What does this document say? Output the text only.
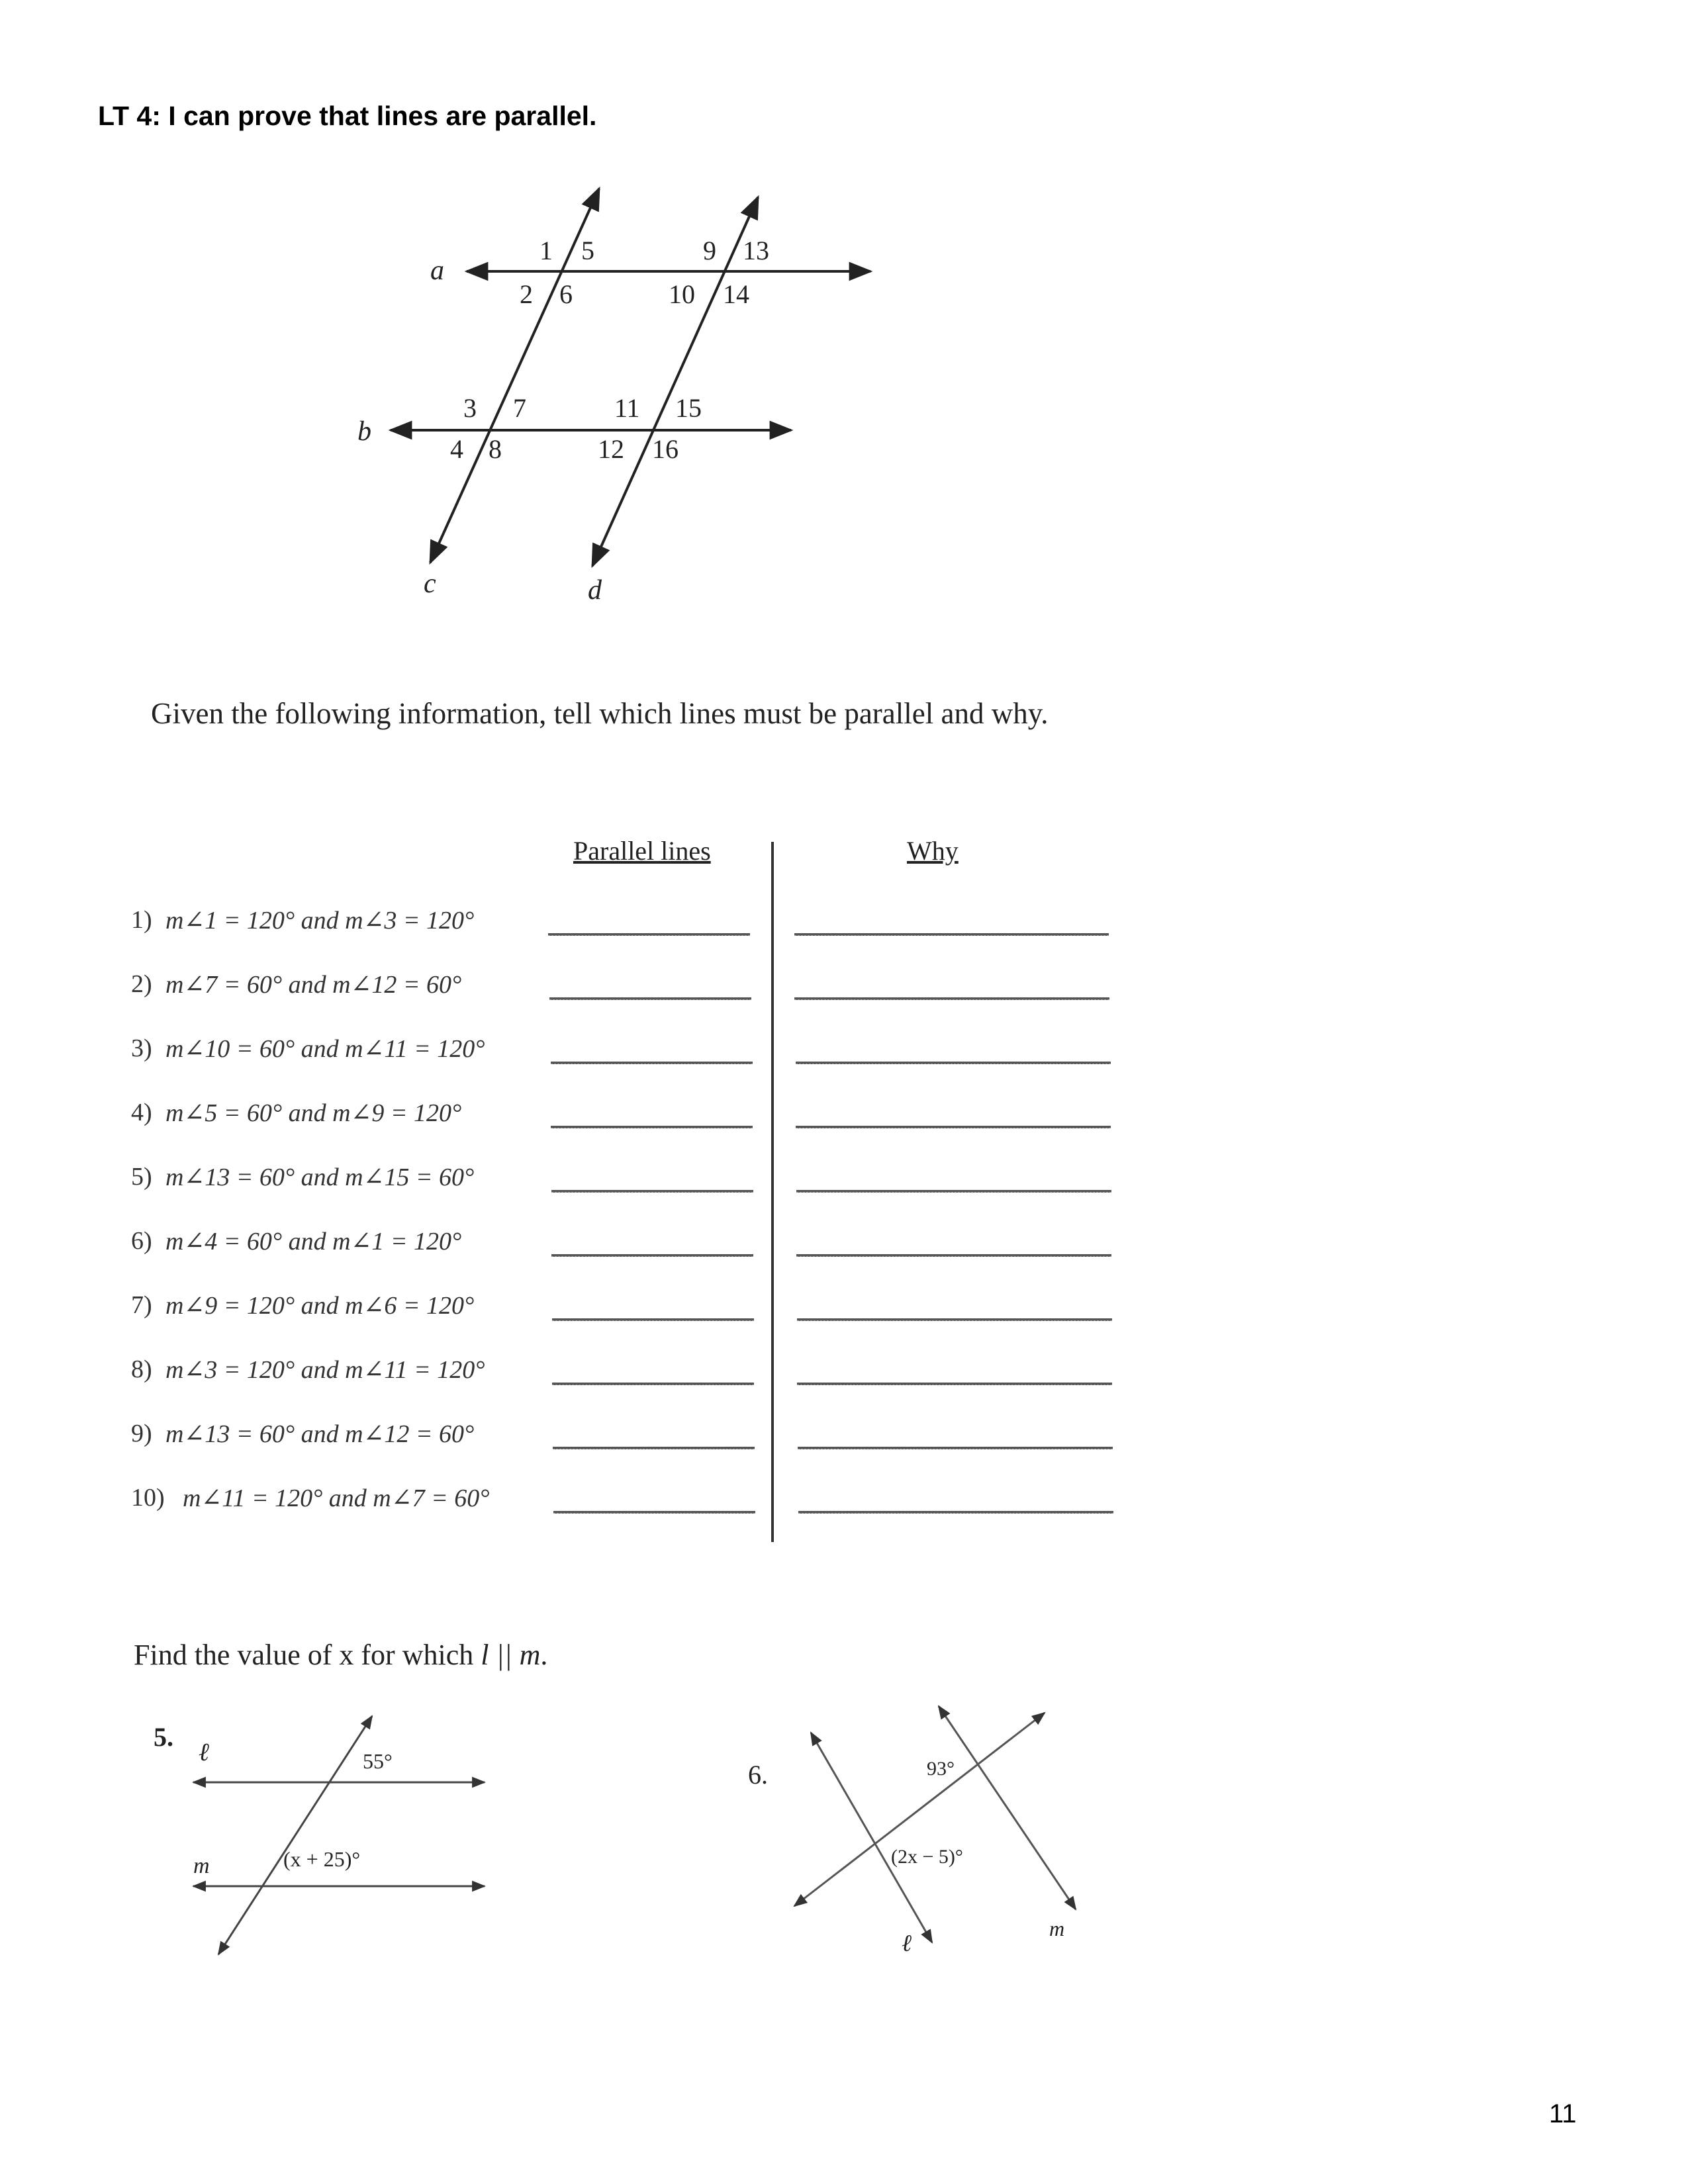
LT 4: I can prove that lines are parallel.
a
b
c	d
1 5
2 6
9 13
10 14
3 7
4 8
11 15
12 16
Given the following information, tell which lines must be parallel and why.
Parallel lines	Why
1) m∠1 = 120° and m∠3 = 120°
2) m∠7 = 60° and m∠12 = 60°
3) m∠10 = 60° and m∠11 = 120°
4) m∠5 = 60° and m∠9 = 120°
5) m∠13 = 60° and m∠15 = 60°
6) m∠4 = 60° and m∠1 = 120°
7) m∠9 = 120° and m∠6 = 120°
8) m∠3 = 120° and m∠11 = 120°
9) m∠13 = 60° and m∠12 = 60°
10) m∠11 = 120° and m∠7 = 60°
Find the value of x for which l || m.
5.
ℓ
m
55°
(x + 25)°
6.	93°
(2x − 5)°
ℓ
m
11
